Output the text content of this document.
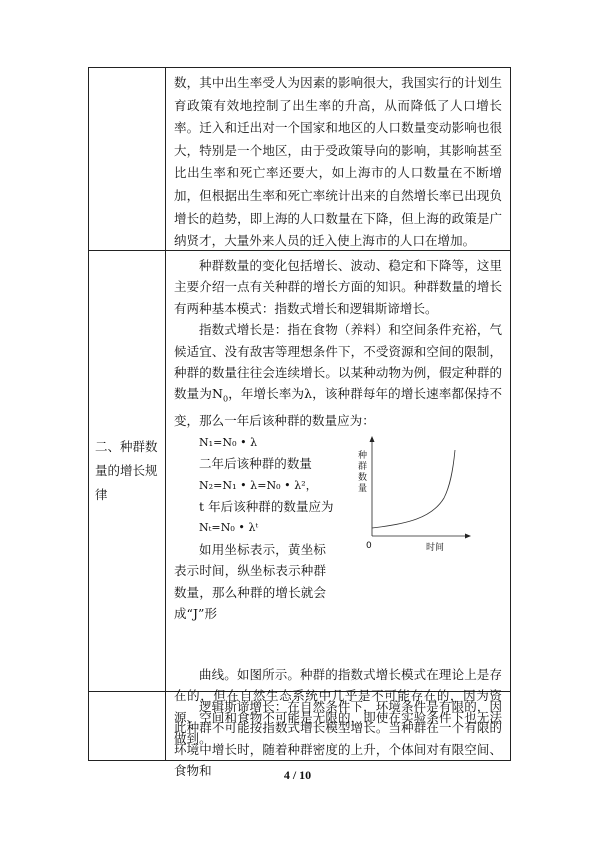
数，其中出生率受人为因素的影响很大，我国实行的计划生育政策有效地控制了出生率的升高，从而降低了人口增长率。迁入和迁出对一个国家和地区的人口数量变动影响也很大，特别是一个地区，由于受政策导向的影响，其影响甚至比出生率和死亡率还要大，如上海市的人口数量在不断增加，但根据出生率和死亡率统计出来的自然增长率已出现负增长的趋势，即上海的人口数量在下降，但上海的政策是广纳贤才，大量外来人员的迁入使上海市的人口在增加。

二、种群数量的增长规律

种群数量的变化包括增长、波动、稳定和下降等，这里主要介绍一点有关种群的增长方面的知识。种群数量的增长有两种基本模式：指数式增长和逻辑斯谛增长。

指数式增长是：指在食物（养料）和空间条件充裕，气候适宜、没有敌害等理想条件下，不受资源和空间的限制，种群的数量往往会连续增长。以某种动物为例，假定种群的数量为$N_0$，年增长率为λ，该种群每年的增长速率都保持不变，那么一年后该种群的数量应为：

N₁=N₀ • λ

二年后该种群的数量

N₂=N₁ • λ=N₀ • λ²，

t 年后该种群的数量应为

Nₜ=N₀ • λᵗ

如用坐标表示，黄坐标表示时间，纵坐标表示种群数量，那么种群的增长就会成“J”形

种 群 数 量
0	时间

曲线。如图所示。种群的指数式增长模式在理论上是存在的，但在自然生态系统中几乎是不可能存在的，因为资源、空间和食物不可能是无限的，即使在实验条件下也无法做到。

逻辑斯谛增长：在自然条件下，环境条件是有限的，因此种群不可能按指数式增长模型增长。当种群在一个有限的环境中增长时，随着种群密度的上升，个体间对有限空间、食物和	4 / 10
